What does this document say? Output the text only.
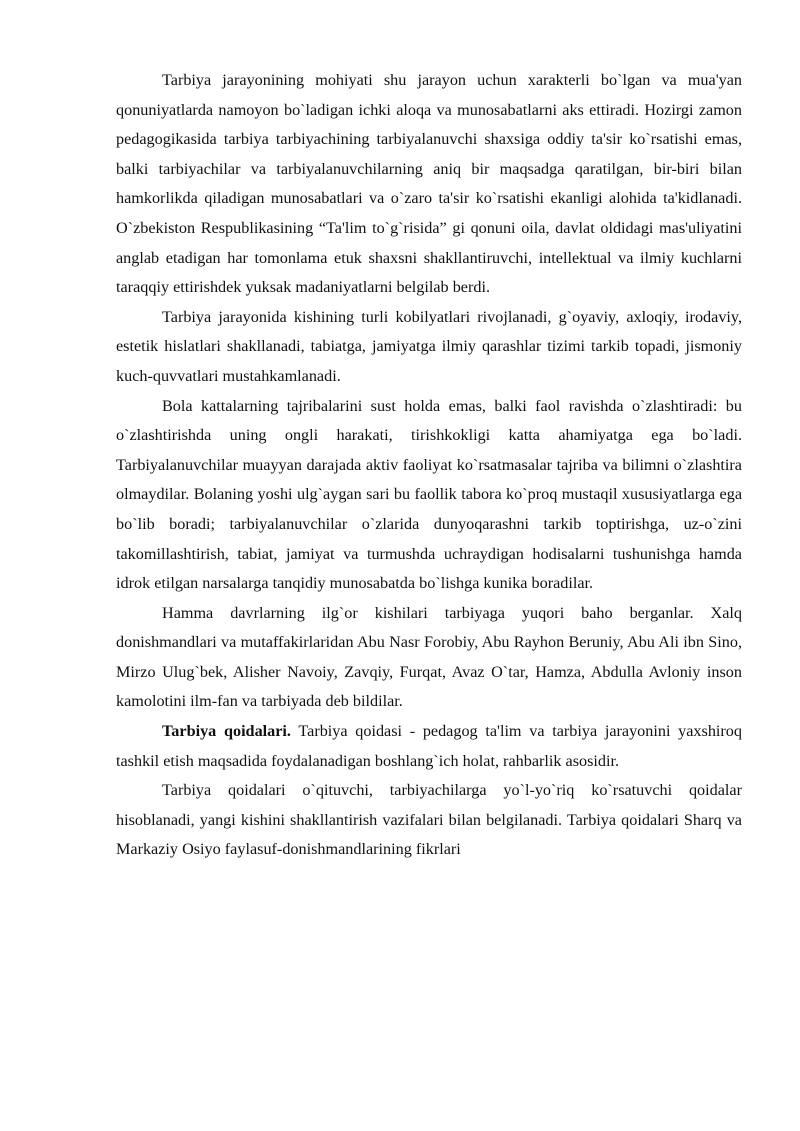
Tarbiya jarayonining mohiyati shu jarayon uchun xarakterli bo`lgan va mua'yan qonuniyatlarda namoyon bo`ladigan ichki aloqa va munosabatlarni aks ettiradi. Hozirgi zamon pedagogikasida tarbiya tarbiyachining tarbiyalanuvchi shaxsiga oddiy ta'sir ko`rsatishi emas, balki tarbiyachilar va tarbiyalanuvchilarning aniq bir maqsadga qaratilgan, bir-biri bilan hamkorlikda qiladigan munosabatlari va o`zaro ta'sir ko`rsatishi ekanligi alohida ta'kidlanadi. O`zbekiston Respublikasining “Ta'lim to`g`risida” gi qonuni oila, davlat oldidagi mas'uliyatini anglab etadigan har tomonlama etuk shaxsni shakllantiruvchi, intellektual va ilmiy kuchlarni taraqqiy ettirishdek yuksak madaniyatlarni belgilab berdi.

Tarbiya jarayonida kishining turli kobilyatlari rivojlanadi, g`oyaviy, axloqiy, irodaviy, estetik hislatlari shakllanadi, tabiatga, jamiyatga ilmiy qarashlar tizimi tarkib topadi, jismoniy kuch-quvvatlari mustahkamlanadi.

Bola kattalarning tajribalarini sust holda emas, balki faol ravishda o`zlashtiradi: bu o`zlashtirishda uning ongli harakati, tirishkokligi katta ahamiyatga ega bo`ladi. Tarbiyalanuvchilar muayyan darajada aktiv faoliyat ko`rsatmasalar tajriba va bilimni o`zlashtira olmaydilar. Bolaning yoshi ulg`aygan sari bu faollik tabora ko`proq mustaqil xususiyatlarga ega bo`lib boradi; tarbiyalanuvchilar o`zlarida dunyoqarashni tarkib toptirishga, uz-o`zini takomillashtirish, tabiat, jamiyat va turmushda uchraydigan hodisalarni tushunishga hamda idrok etilgan narsalarga tanqidiy munosabatda bo`lishga kunika boradilar.

Hamma davrlarning ilg`or kishilari tarbiyaga yuqori baho berganlar. Xalq donishmandlari va mutaffakirlaridan Abu Nasr Forobiy, Abu Rayhon Beruniy, Abu Ali ibn Sino, Mirzo Ulug`bek, Alisher Navoiy, Zavqiy, Furqat, Avaz O`tar, Hamza, Abdulla Avloniy inson kamolotini ilm-fan va tarbiyada deb bildilar.

Tarbiya qoidalari. Tarbiya qoidasi - pedagog ta'lim va tarbiya jarayonini yaxshiroq tashkil etish maqsadida foydalanadigan boshlang`ich holat, rahbarlik asosidir.

Tarbiya qoidalari o`qituvchi, tarbiyachilarga yo`l-yo`riq ko`rsatuvchi qoidalar hisoblanadi, yangi kishini shakllantirish vazifalari bilan belgilanadi. Tarbiya qoidalari Sharq va Markaziy Osiyo faylasuf-donishmandlarining fikrlari
